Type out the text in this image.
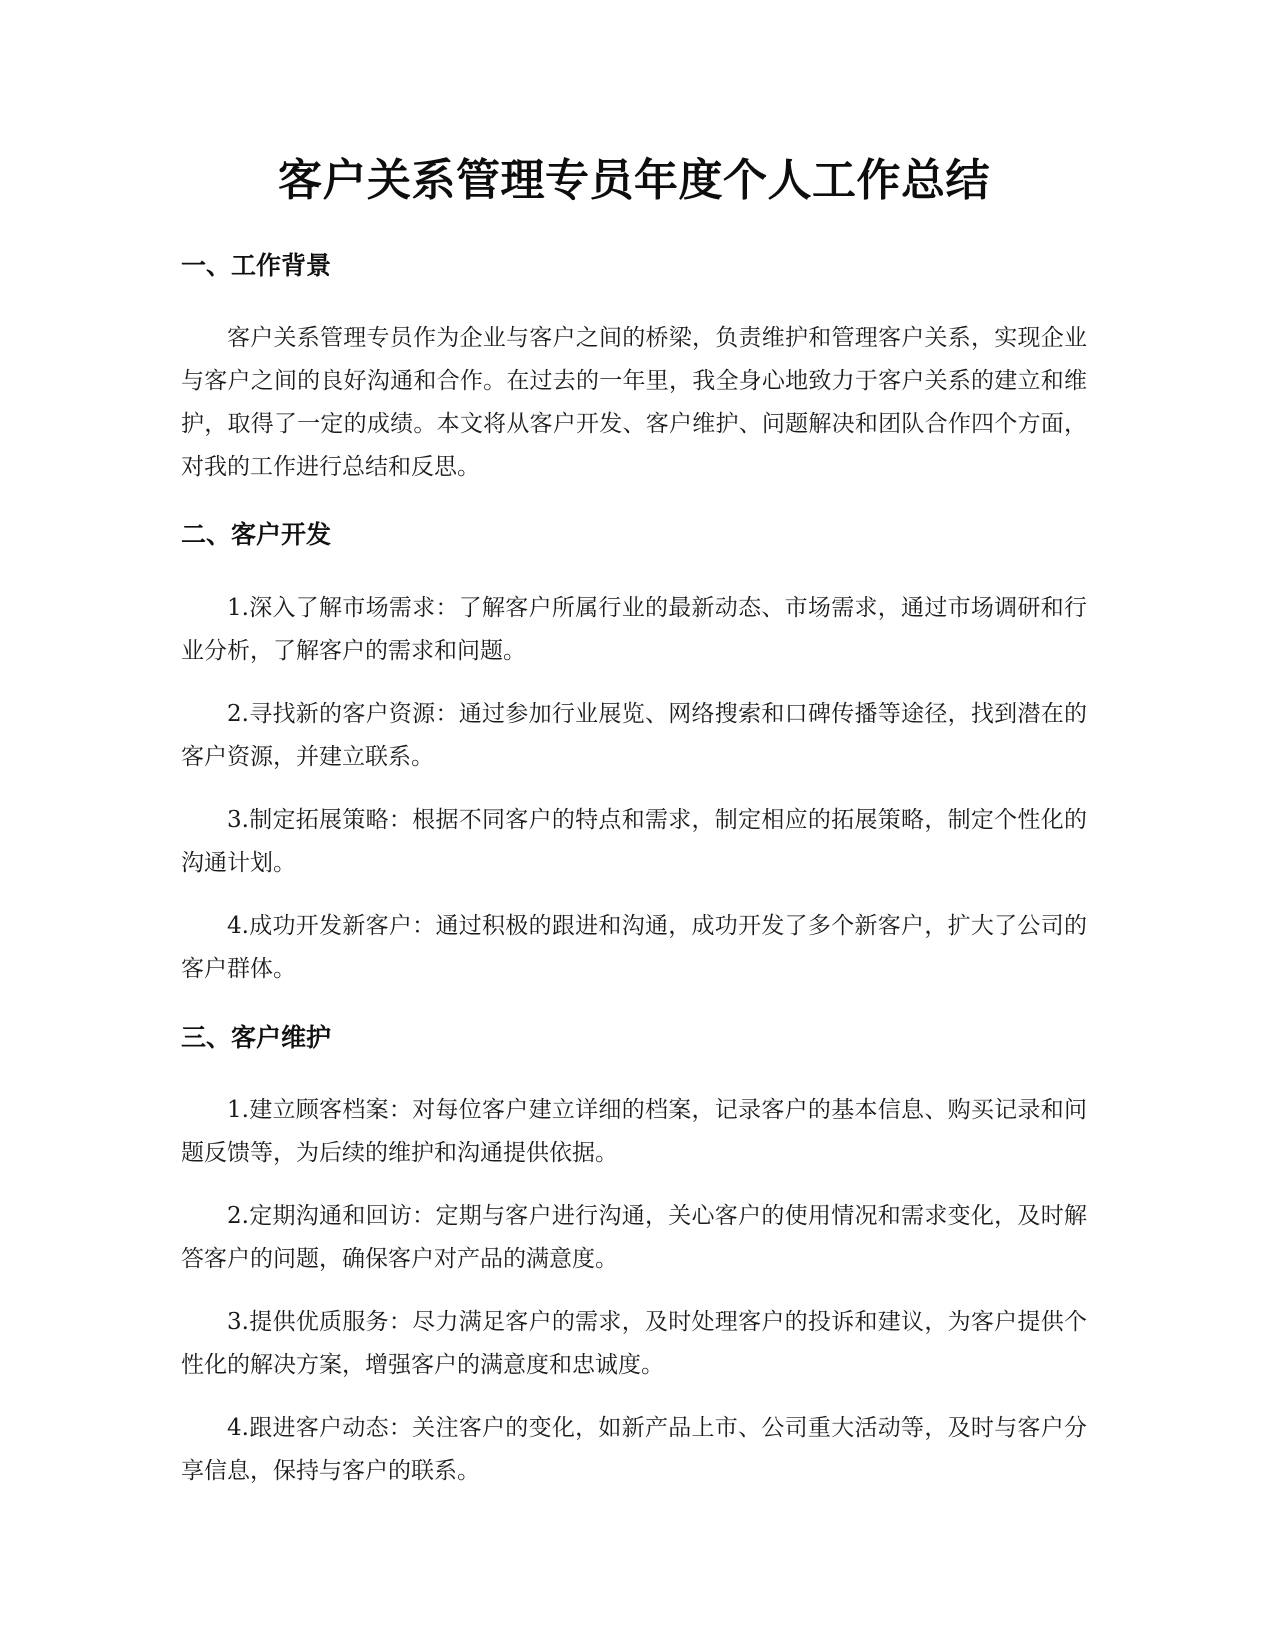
客户关系管理专员年度个人工作总结
一、工作背景

客户关系管理专员作为企业与客户之间的桥梁，负责维护和管理客户关系，实现企业与客户之间的良好沟通和合作。在过去的一年里，我全身心地致力于客户关系的建立和维护，取得了一定的成绩。本文将从客户开发、客户维护、问题解决和团队合作四个方面，对我的工作进行总结和反思。

二、客户开发

1.深入了解市场需求：了解客户所属行业的最新动态、市场需求，通过市场调研和行业分析，了解客户的需求和问题。

2.寻找新的客户资源：通过参加行业展览、网络搜索和口碑传播等途径，找到潜在的客户资源，并建立联系。

3.制定拓展策略：根据不同客户的特点和需求，制定相应的拓展策略，制定个性化的沟通计划。

4.成功开发新客户：通过积极的跟进和沟通，成功开发了多个新客户，扩大了公司的客户群体。

三、客户维护

1.建立顾客档案：对每位客户建立详细的档案，记录客户的基本信息、购买记录和问题反馈等，为后续的维护和沟通提供依据。

2.定期沟通和回访：定期与客户进行沟通，关心客户的使用情况和需求变化，及时解答客户的问题，确保客户对产品的满意度。

3.提供优质服务：尽力满足客户的需求，及时处理客户的投诉和建议，为客户提供个性化的解决方案，增强客户的满意度和忠诚度。

4.跟进客户动态：关注客户的变化，如新产品上市、公司重大活动等，及时与客户分享信息，保持与客户的联系。
